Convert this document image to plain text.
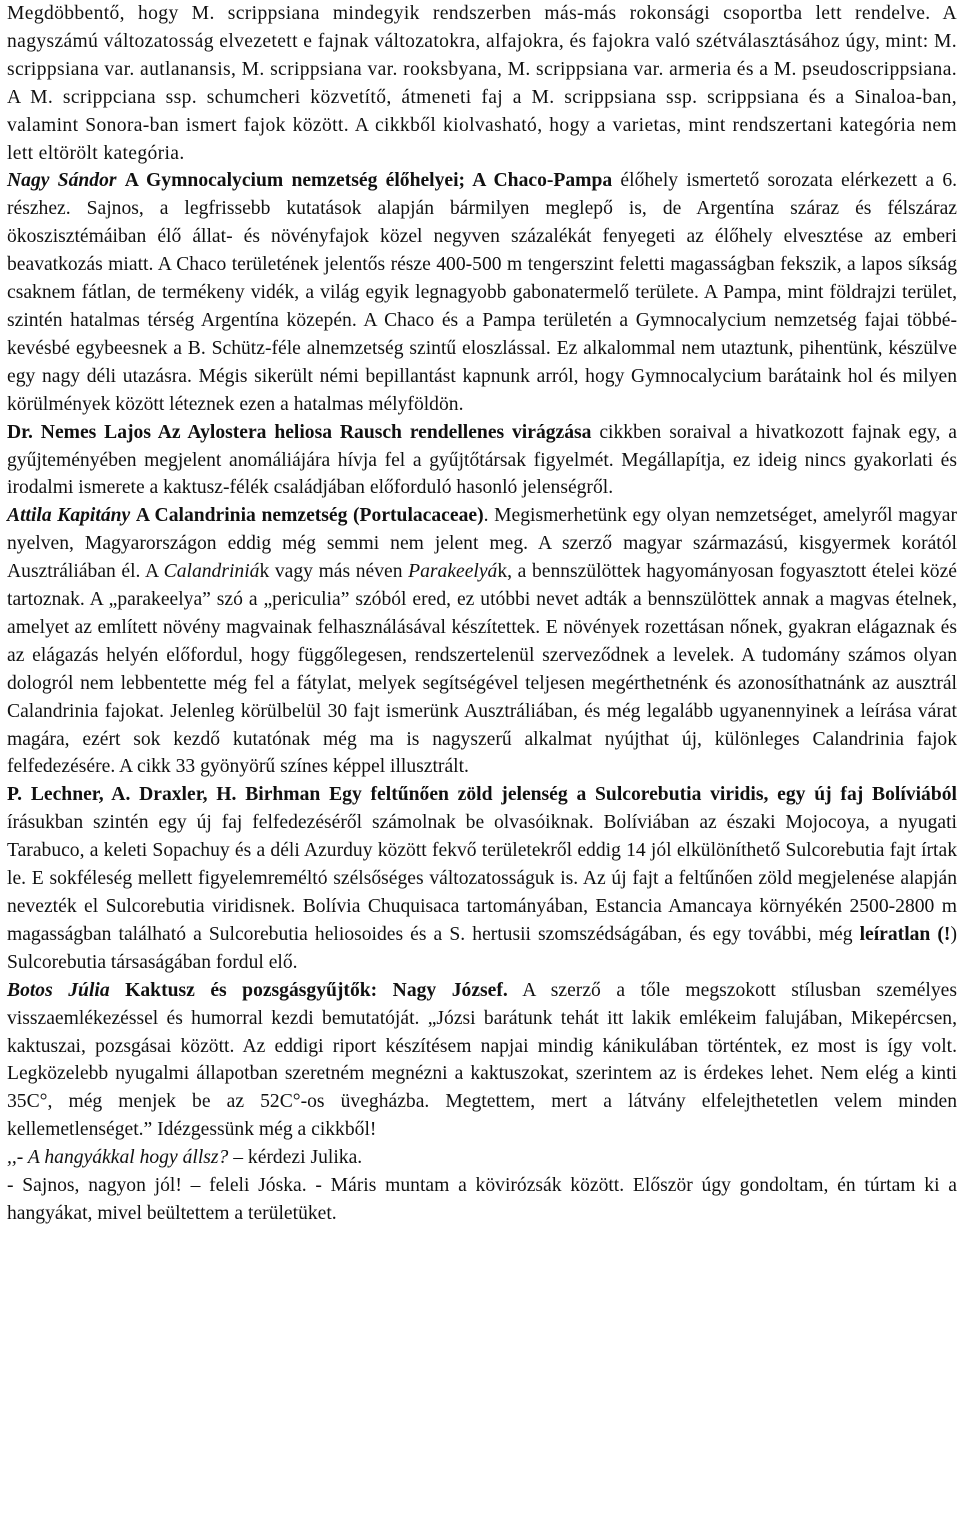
Megdöbbentő, hogy M. scrippsiana mindegyik rendszerben más-más rokonsági csoportba lett rendelve. A nagyszámú változatosság elvezetett e fajnak változatokra, alfajokra, és fajokra való szétválasztásához úgy, mint: M. scrippsiana var. autlanansis, M. scrippsiana var. rooksbyana, M. scrippsiana var. armeria és a M. pseudoscrippsiana. A M. scrippciana ssp. schumcheri közvetítő, átmeneti faj a M. scrippsiana ssp. scrippsiana és a Sinaloa-ban, valamint Sonora-ban ismert fajok között. A cikkből kiolvasható, hogy a varietas, mint rendszertani kategória nem lett eltörölt kategória.

Nagy Sándor A Gymnocalycium nemzetség élőhelyei; A Chaco-Pampa élőhely ismertető sorozata elérkezett a 6. részhez. Sajnos, a legfrissebb kutatások alapján bármilyen meglepő is, de Argentína száraz és félszáraz ökoszisztémáiban élő állat- és növényfajok közel negyven százalékát fenyegeti az élőhely elvesztése az emberi beavatkozás miatt. A Chaco területének jelentős része 400-500 m tengerszint feletti magasságban fekszik, a lapos síkság csaknem fátlan, de termékeny vidék, a világ egyik legnagyobb gabonatermelő területe. A Pampa, mint földrajzi terület, szintén hatalmas térség Argentína közepén. A Chaco és a Pampa területén a Gymnocalycium nemzetség fajai többé-kevésbé egybeesnek a B. Schütz-féle alnemzetség szintű eloszlással. Ez alkalommal nem utaztunk, pihentünk, készülve egy nagy déli utazásra. Mégis sikerült némi bepillantást kapnunk arról, hogy Gymnocalycium barátaink hol és milyen körülmények között léteznek ezen a hatalmas mélyföldön.

Dr. Nemes Lajos Az Aylostera heliosa Rausch rendellenes virágzása cikkben soraival a hivatkozott fajnak egy, a gyűjteményében megjelent anomáliájára hívja fel a gyűjtőtársak figyelmét. Megállapítja, ez ideig nincs gyakorlati és irodalmi ismerete a kaktusz-félék családjában előforduló hasonló jelenségről.

Attila Kapitány A Calandrinia nemzetség (Portulacaceae). Megismerhetünk egy olyan nemzetséget, amelyről magyar nyelven, Magyarországon eddig még semmi nem jelent meg. A szerző magyar származású, kisgyermek korától Ausztráliában él. A Calandriniák vagy más néven Parakeelyák, a bennszülöttek hagyományosan fogyasztott ételei közé tartoznak. A „parakeelya” szó a „periculia” szóból ered, ez utóbbi nevet adták a bennszülöttek annak a magvas ételnek, amelyet az említett növény magvainak felhasználásával készítettek. E növények rozettásan nőnek, gyakran elágaznak és az elágazás helyén előfordul, hogy függőlegesen, rendszertelenül szerveződnek a levelek. A tudomány számos olyan dologról nem lebbentette még fel a fátylat, melyek segítségével teljesen megérthetnénk és azonosíthatnánk az ausztrál Calandrinia fajokat. Jelenleg körülbelül 30 fajt ismerünk Ausztráliában, és még legalább ugyanennyinek a leírása várat magára, ezért sok kezdő kutatónak még ma is nagyszerű alkalmat nyújthat új, különleges Calandrinia fajok felfedezésére. A cikk 33 gyönyörű színes képpel illusztrált.

P. Lechner, A. Draxler, H. Birhman Egy feltűnően zöld jelenség a Sulcorebutia viridis, egy új faj Bolíviából írásukban szintén egy új faj felfedezéséről számolnak be olvasóiknak. Bolíviában az északi Mojocoya, a nyugati Tarabuco, a keleti Sopachuy és a déli Azurduy között fekvő területekről eddig 14 jól elkülöníthető Sulcorebutia fajt írtak le. E sokféleség mellett figyelemreméltó szélsőséges változatosságuk is. Az új fajt a feltűnően zöld megjelenése alapján nevezték el Sulcorebutia viridisnek. Bolívia Chuquisaca tartományában, Estancia Amancaya környékén 2500-2800 m magasságban található a Sulcorebutia heliosoides és a S. hertusii szomszédságában, és egy további, még leíratlan (!) Sulcorebutia társaságában fordul elő.

Botos Júlia Kaktusz és pozsgásgyűjtők: Nagy József. A szerző a tőle megszokott stílusban személyes visszaemlékezéssel és humorral kezdi bemutatóját. „Józsi barátunk tehát itt lakik emlékeim falujában, Mikepércsen, kaktuszai, pozsgásai között. Az eddigi riport készítésem napjai mindig kánikulában történtek, ez most is így volt. Legközelebb nyugalmi állapotban szeretném megnézni a kaktuszokat, szerintem az is érdekes lehet. Nem elég a kinti 35C°, még menjek be az 52C°-os üvegházba. Megtettem, mert a látvány elfelejthetetlen velem minden kellemetlenséget.” Idézgessünk még a cikkből!

,,- A hangyákkal hogy állsz? – kérdezi Julika.

- Sajnos, nagyon jól! – feleli Jóska. - Máris muntam a kövirózsák között. Először úgy gondoltam, én túrtam ki a hangyákat, mivel beültettem a területüket.
